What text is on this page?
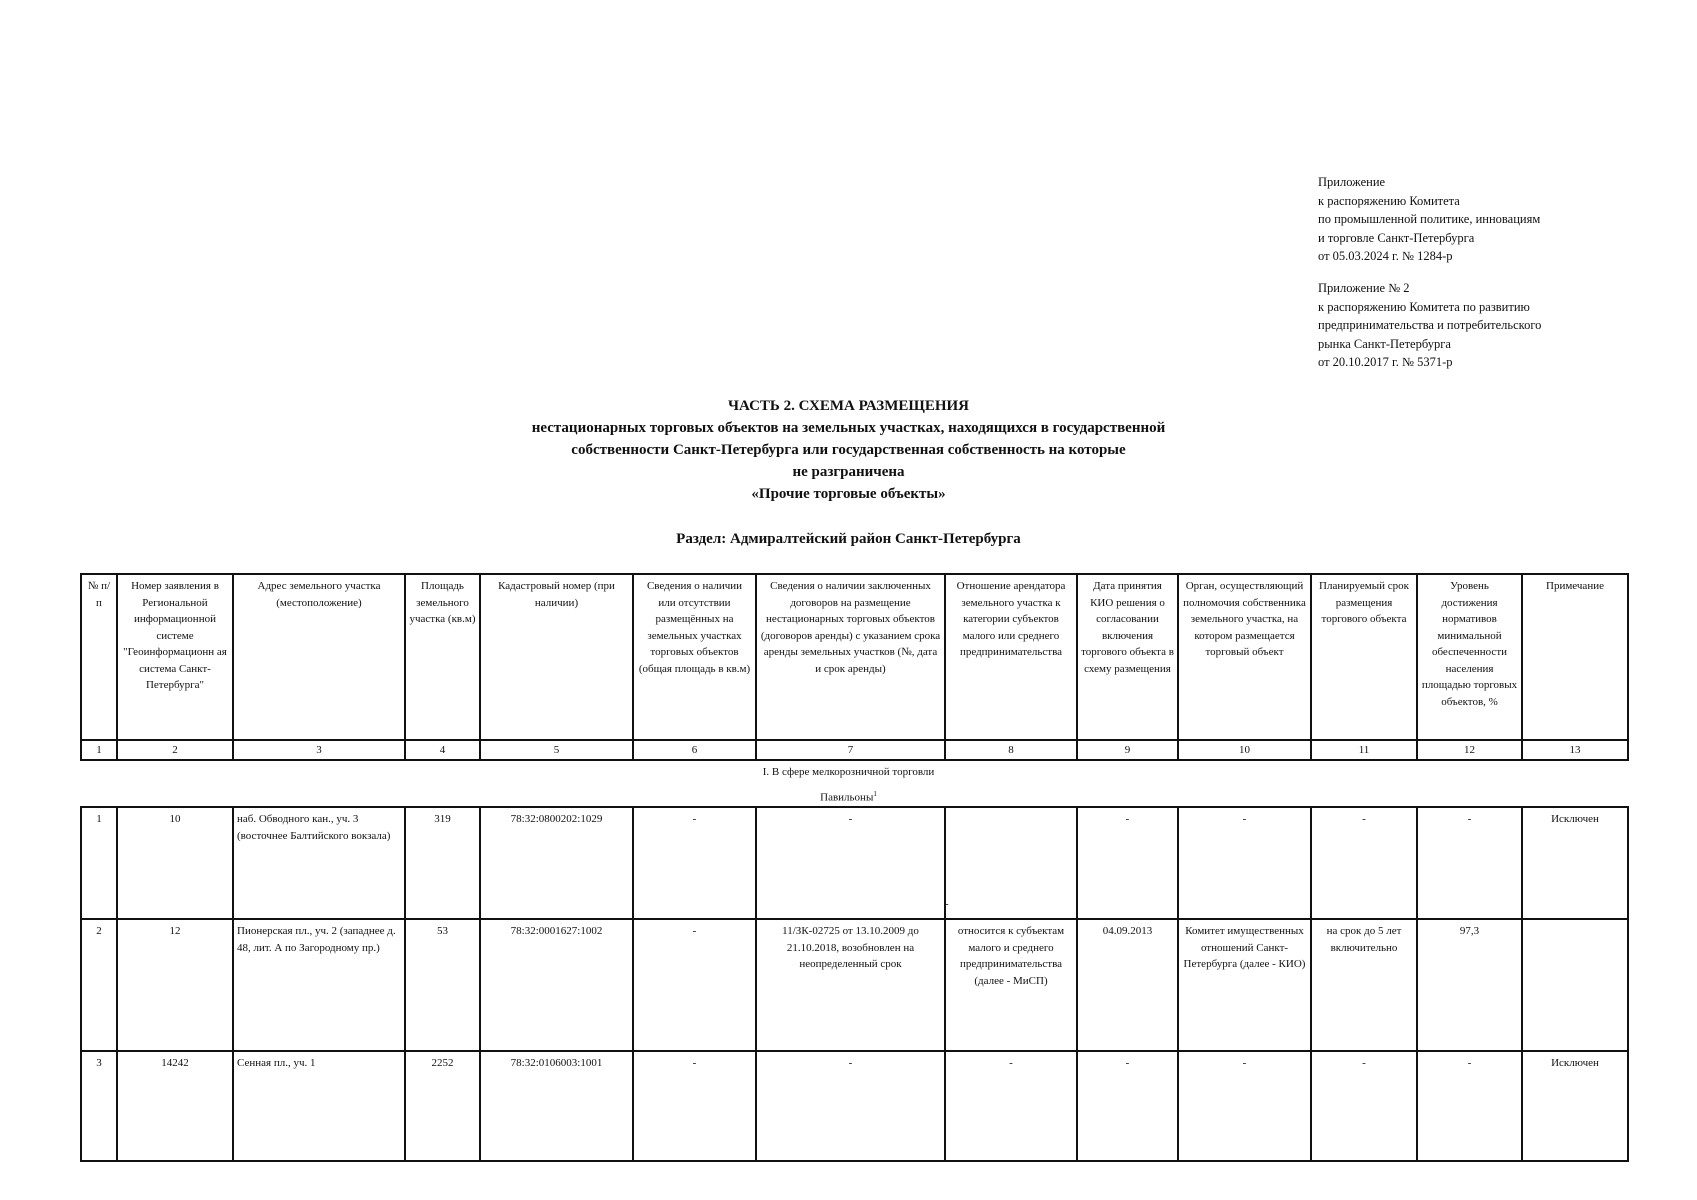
Приложение
к распоряжению Комитета
по промышленной политике, инновациям
и торговле Санкт-Петербурга
от 05.03.2024 г. № 1284-р
Приложение № 2
к распоряжению Комитета по развитию
предпринимательства и потребительского
рынка Санкт-Петербурга
от 20.10.2017 г. № 5371-р
ЧАСТЬ 2. СХЕМА РАЗМЕЩЕНИЯ
нестационарных торговых объектов на земельных участках, находящихся в государственной
собственности Санкт-Петербурга или государственная собственность на которые
не разграничена
«Прочие торговые объекты»
Раздел: Адмиралтейский район Санкт-Петербурга
№ п/п	Номер заявления в Региональной информационной системе "Геоинформационн ая система Санкт-Петербурга"	Адрес земельного участка (местоположение)	Площадь земельного участка (кв.м)	Кадастровый номер (при наличии)	Сведения о наличии или отсутствии размещённых на земельных участках торговых объектов (общая площадь в кв.м)	Сведения о наличии заключенных договоров на размещение нестационарных торговых объектов (договоров аренды) с указанием срока аренды земельных участков (№, дата и срок аренды)	Отношение арендатора земельного участка к категории субъектов малого или среднего предпринимательства	Дата принятия КИО решения о согласовании включения торгового объекта в схему размещения	Орган, осуществляющий полномочия собственника земельного участка, на котором размещается торговый объект	Планируемый срок размещения торгового объекта	Уровень достижения нормативов минимальной обеспеченности населения площадью торговых объектов, %	Примечание
1	2	3	4	5	6	7	8	9	10	11	12	13
I. В сфере мелкорозничной торговли
Павильоны$^1$
1	10	наб. Обводного кан., уч. 3 (восточнее Балтийского вокзала)	319	78:32:0800202:1029	-	-		-	-	-	-	Исключен
2	12	Пионерская пл., уч. 2 (западнее д. 48, лит. А по Загородному пр.)	53	78:32:0001627:1002	-	11/ЗК-02725 от 13.10.2009 до 21.10.2018, возобновлен на неопределенный срок	относится к субъектам малого и среднего предпринимательства (далее - МиСП)	04.09.2013	Комитет имущественных отношений Санкт-Петербурга (далее - КИО)	на срок до 5 лет включительно	97,3	
3	14242	Сенная пл., уч. 1	2252	78:32:0106003:1001	-	-	-	-	-	-	-	Исключен
-
